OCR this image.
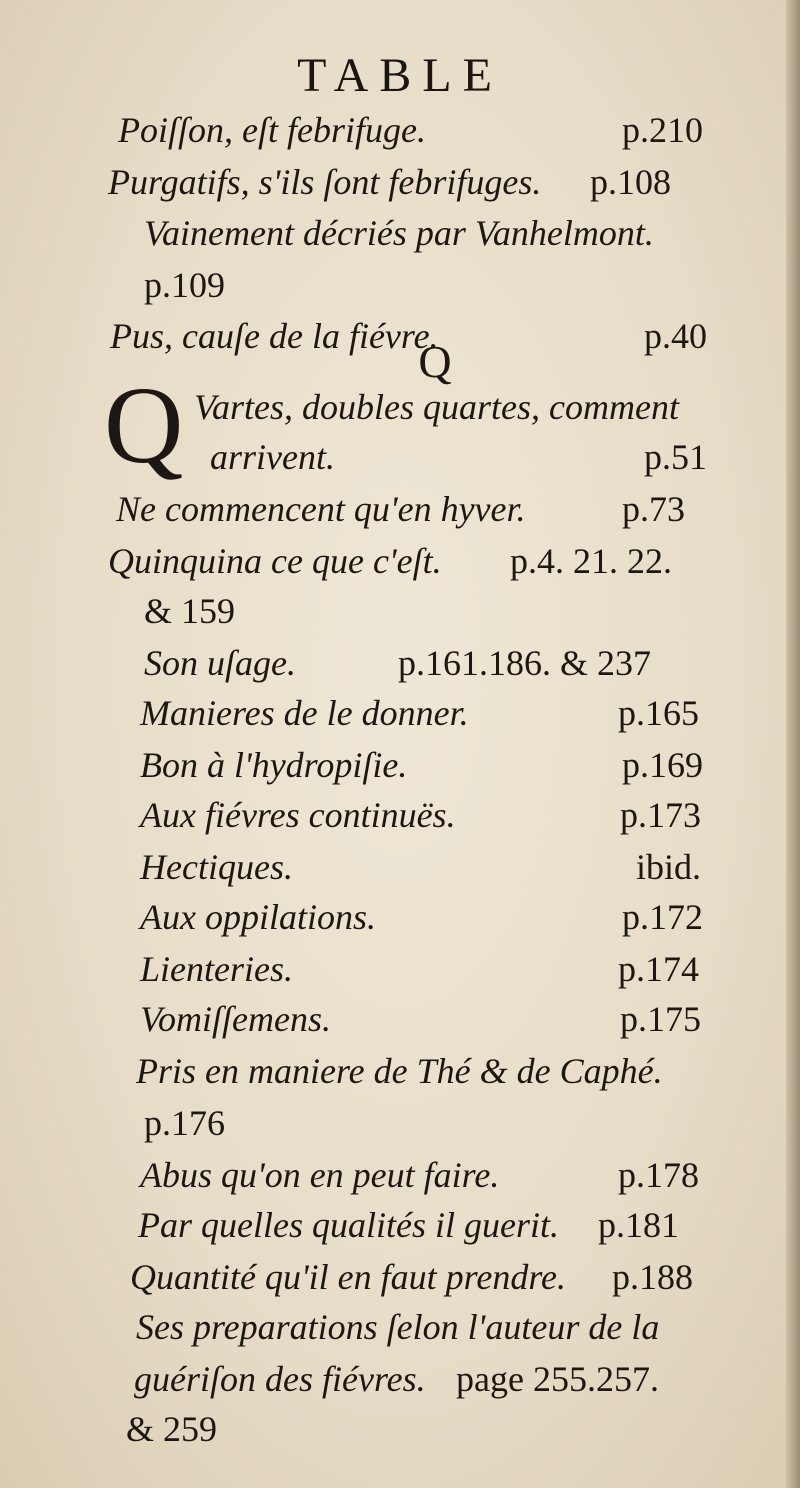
TABLE
Poiſſon, eſt febrifuge.	p.210
Purgatifs, s'ils ſont febrifuges. p.108
Vainement décriés par Vanhelmont.
p.109
Pus, cauſe de la fiévre.	p.40
Q
Q Vartes, doubles quartes, comment
arrivent.	p.51
Ne commencent qu'en hyver.	p.73
Quinquina ce que c'eſt. p.4. 21. 22.
& 159
Son uſage.	p.161.186. & 237
Manieres de le donner.	p.165
Bon à l'hydropiſie.	p.169
Aux fiévres continuës.	p.173
Hectiques.	ibid.
Aux oppilations.	p.172
Lienteries.	p.174
Vomiſſemens.	p.175
Pris en maniere de Thé & de Caphé.
p.176
Abus qu'on en peut faire.	p.178
Par quelles qualités il guerit. p.181
Quantité qu'il en faut prendre. p.188
Ses preparations ſelon l'auteur de la
guériſon des fiévres. page 255.257.
& 259
